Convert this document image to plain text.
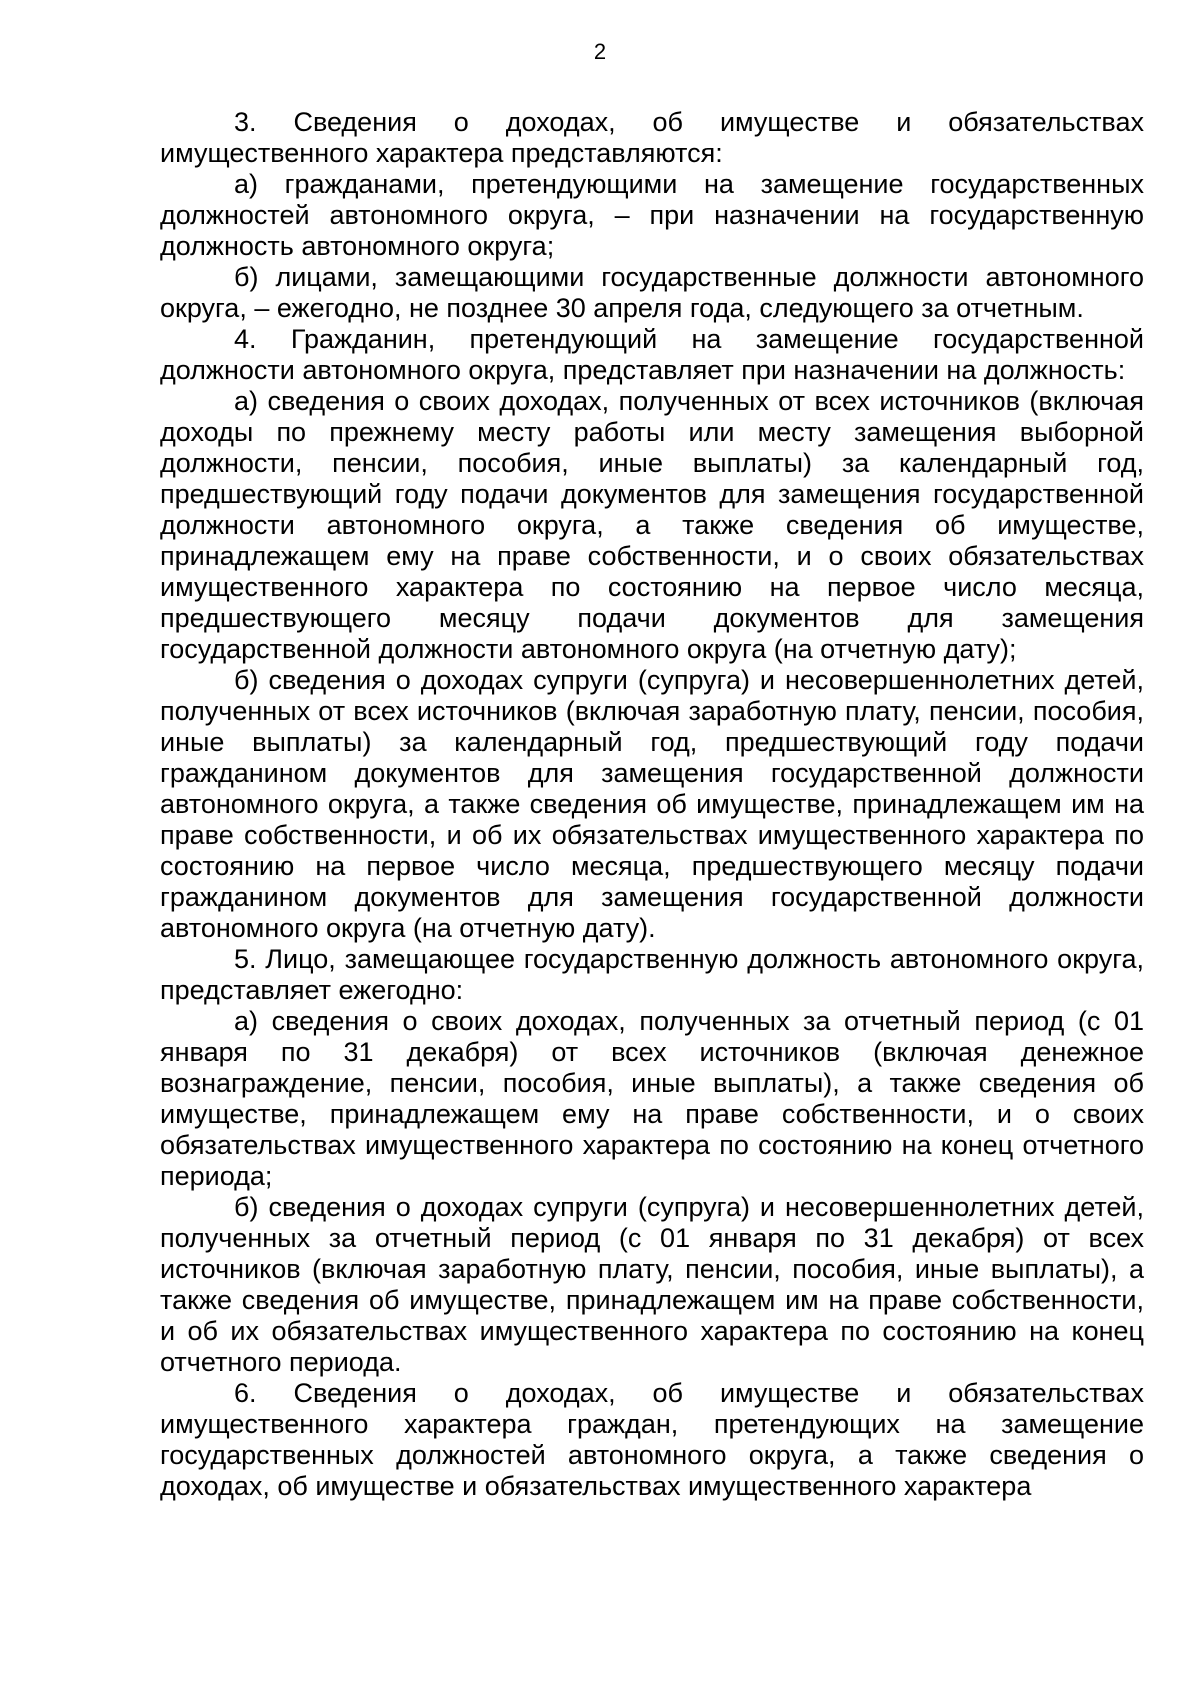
2

3. Сведения о доходах, об имуществе и обязательствах имущественного характера представляются:

а) гражданами, претендующими на замещение государственных должностей автономного округа, – при назначении на государственную должность автономного округа;

б) лицами, замещающими государственные должности автономного округа, – ежегодно, не позднее 30 апреля года, следующего за отчетным.

4. Гражданин, претендующий на замещение государственной должности автономного округа, представляет при назначении на должность:

а) сведения о своих доходах, полученных от всех источников (включая доходы по прежнему месту работы или месту замещения выборной должности, пенсии, пособия, иные выплаты) за календарный год, предшествующий году подачи документов для замещения государственной должности автономного округа, а также сведения об имуществе, принадлежащем ему на праве собственности, и о своих обязательствах имущественного характера по состоянию на первое число месяца, предшествующего месяцу подачи документов для замещения государственной должности автономного округа (на отчетную дату);

б) сведения о доходах супруги (супруга) и несовершеннолетних детей, полученных от всех источников (включая заработную плату, пенсии, пособия, иные выплаты) за календарный год, предшествующий году подачи гражданином документов для замещения государственной должности автономного округа, а также сведения об имуществе, принадлежащем им на праве собственности, и об их обязательствах имущественного характера по состоянию на первое число месяца, предшествующего месяцу подачи гражданином документов для замещения государственной должности автономного округа (на отчетную дату).

5. Лицо, замещающее государственную должность автономного округа, представляет ежегодно:

а) сведения о своих доходах, полученных за отчетный период (с 01 января по 31 декабря) от всех источников (включая денежное вознаграждение, пенсии, пособия, иные выплаты), а также сведения об имуществе, принадлежащем ему на праве собственности, и о своих обязательствах имущественного характера по состоянию на конец отчетного периода;

б) сведения о доходах супруги (супруга) и несовершеннолетних детей, полученных за отчетный период (с 01 января по 31 декабря) от всех источников (включая заработную плату, пенсии, пособия, иные выплаты), а также сведения об имуществе, принадлежащем им на праве собственности, и об их обязательствах имущественного характера по состоянию на конец отчетного периода.

6. Сведения о доходах, об имуществе и обязательствах имущественного характера граждан, претендующих на замещение государственных должностей автономного округа, а также сведения о доходах, об имуществе и обязательствах имущественного характера
